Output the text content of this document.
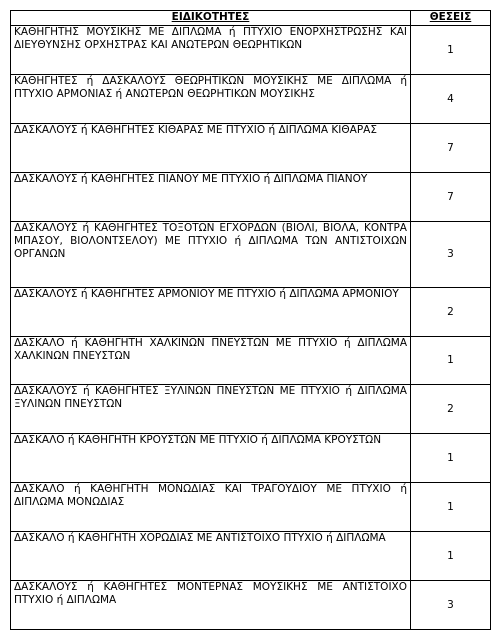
ΕΙΔΙΚΟΤΗΤΕΣ	ΘΕΣΕΙΣ
ΚΑΘΗΓΗΤΗΣ ΜΟΥΣΙΚΗΣ ΜΕ ΔΙΠΛΩΜΑ ή ΠΤΥΧΙΟ ΕΝΟΡΧΗΣΤΡΩΣΗΣ ΚΑΙ ΔΙΕΥΘΥΝΣΗΣ ΟΡΧΗΣΤΡΑΣ ΚΑΙ ΑΝΩΤΕΡΩΝ ΘΕΩΡΗΤΙΚΩΝ	1
ΚΑΘΗΓΗΤΕΣ ή ΔΑΣΚΑΛΟΥΣ ΘΕΩΡΗΤΙΚΩΝ ΜΟΥΣΙΚΗΣ ΜΕ ΔΙΠΛΩΜΑ ή ΠΤΥΧΙΟ ΑΡΜΟΝΙΑΣ ή ΑΝΩΤΕΡΩΝ ΘΕΩΡΗΤΙΚΩΝ ΜΟΥΣΙΚΗΣ	4
ΔΑΣΚΑΛΟΥΣ ή ΚΑΘΗΓΗΤΕΣ ΚΙΘΑΡΑΣ ΜΕ ΠΤΥΧΙΟ ή ΔΙΠΛΩΜΑ ΚΙΘΑΡΑΣ	7
ΔΑΣΚΑΛΟΥΣ ή ΚΑΘΗΓΗΤΕΣ ΠΙΑΝΟΥ ΜΕ ΠΤΥΧΙΟ ή ΔΙΠΛΩΜΑ ΠΙΑΝΟΥ	7
ΔΑΣΚΑΛΟΥΣ ή ΚΑΘΗΓΗΤΕΣ ΤΟΞΟΤΩΝ ΕΓΧΟΡΔΩΝ (ΒΙΟΛΙ, ΒΙΟΛΑ, ΚΟΝΤΡΑ ΜΠΑΣΟΥ, ΒΙΟΛΟΝΤΣΕΛΟΥ) ΜΕ ΠΤΥΧΙΟ ή ΔΙΠΛΩΜΑ ΤΩΝ ΑΝΤΙΣΤΟΙΧΩΝ ΟΡΓΑΝΩΝ	3
ΔΑΣΚΑΛΟΥΣ ή ΚΑΘΗΓΗΤΕΣ ΑΡΜΟΝΙΟΥ ΜΕ ΠΤΥΧΙΟ ή ΔΙΠΛΩΜΑ ΑΡΜΟΝΙΟΥ	2
ΔΑΣΚΑΛΟ ή ΚΑΘΗΓΗΤΗ ΧΑΛΚΙΝΩΝ ΠΝΕΥΣΤΩΝ ΜΕ ΠΤΥΧΙΟ ή ΔΙΠΛΩΜΑ ΧΑΛΚΙΝΩΝ ΠΝΕΥΣΤΩΝ	1
ΔΑΣΚΑΛΟΥΣ ή ΚΑΘΗΓΗΤΕΣ ΞΥΛΙΝΩΝ ΠΝΕΥΣΤΩΝ ΜΕ ΠΤΥΧΙΟ ή ΔΙΠΛΩΜΑ ΞΥΛΙΝΩΝ ΠΝΕΥΣΤΩΝ	2
ΔΑΣΚΑΛΟ ή ΚΑΘΗΓΗΤΗ ΚΡΟΥΣΤΩΝ ΜΕ ΠΤΥΧΙΟ ή ΔΙΠΛΩΜΑ ΚΡΟΥΣΤΩΝ	1
ΔΑΣΚΑΛΟ ή ΚΑΘΗΓΗΤΗ ΜΟΝΩΔΙΑΣ ΚΑΙ ΤΡΑΓΟΥΔΙΟΥ ΜΕ ΠΤΥΧΙΟ ή ΔΙΠΛΩΜΑ ΜΟΝΩΔΙΑΣ	1
ΔΑΣΚΑΛΟ ή ΚΑΘΗΓΗΤΗ ΧΟΡΩΔΙΑΣ ΜΕ ΑΝΤΙΣΤΟΙΧΟ ΠΤΥΧΙΟ ή ΔΙΠΛΩΜΑ	1
ΔΑΣΚΑΛΟΥΣ ή ΚΑΘΗΓΗΤΕΣ ΜΟΝΤΕΡΝΑΣ ΜΟΥΣΙΚΗΣ ΜΕ ΑΝΤΙΣΤΟΙΧΟ ΠΤΥΧΙΟ ή ΔΙΠΛΩΜΑ	3
